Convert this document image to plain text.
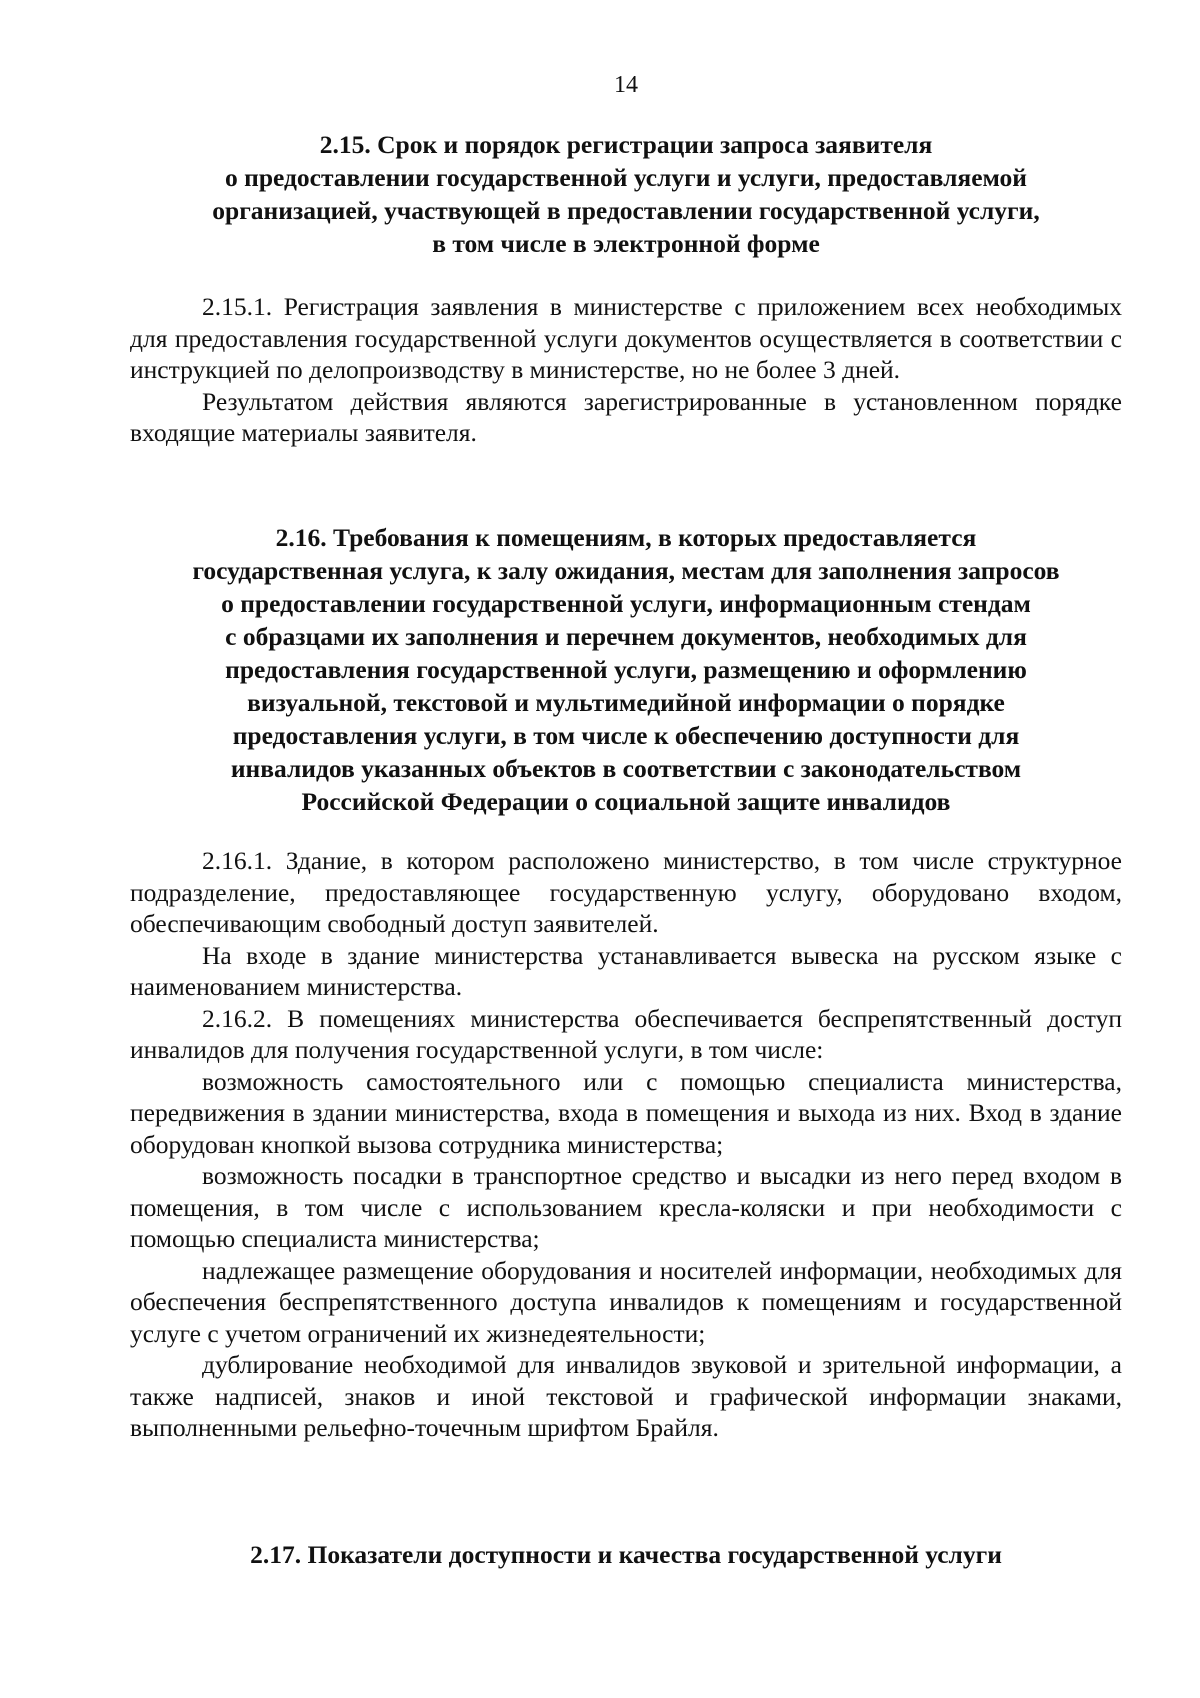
14
2.15. Срок и порядок регистрации запроса заявителя
о предоставлении государственной услуги и услуги, предоставляемой
организацией, участвующей в предоставлении государственной услуги,
в том числе в электронной форме

2.15.1. Регистрация заявления в министерстве с приложением всех необходимых для предоставления государственной услуги документов осуществляется в соответствии с инструкцией по делопроизводству в министерстве, но не более 3 дней.

Результатом действия являются зарегистрированные в установленном порядке входящие материалы заявителя.

2.16. Требования к помещениям, в которых предоставляется
государственная услуга, к залу ожидания, местам для заполнения запросов
о предоставлении государственной услуги, информационным стендам
с образцами их заполнения и перечнем документов, необходимых для
предоставления государственной услуги, размещению и оформлению
визуальной, текстовой и мультимедийной информации о порядке
предоставления услуги, в том числе к обеспечению доступности для
инвалидов указанных объектов в соответствии с законодательством
Российской Федерации о социальной защите инвалидов

2.16.1. Здание, в котором расположено министерство, в том числе структурное подразделение, предоставляющее государственную услугу, оборудовано входом, обеспечивающим свободный доступ заявителей.

На входе в здание министерства устанавливается вывеска на русском языке с наименованием министерства.

2.16.2. В помещениях министерства обеспечивается беспрепятственный доступ инвалидов для получения государственной услуги, в том числе:

возможность самостоятельного или с помощью специалиста министерства, передвижения в здании министерства, входа в помещения и выхода из них. Вход в здание оборудован кнопкой вызова сотрудника министерства;

возможность посадки в транспортное средство и высадки из него перед входом в помещения, в том числе с использованием кресла-коляски и при необходимости с помощью специалиста министерства;

надлежащее размещение оборудования и носителей информации, необходимых для обеспечения беспрепятственного доступа инвалидов к помещениям и государственной услуге с учетом ограничений их жизнедеятельности;

дублирование необходимой для инвалидов звуковой и зрительной информации, а также надписей, знаков и иной текстовой и графической информации знаками, выполненными рельефно-точечным шрифтом Брайля.

2.17. Показатели доступности и качества государственной услуги
